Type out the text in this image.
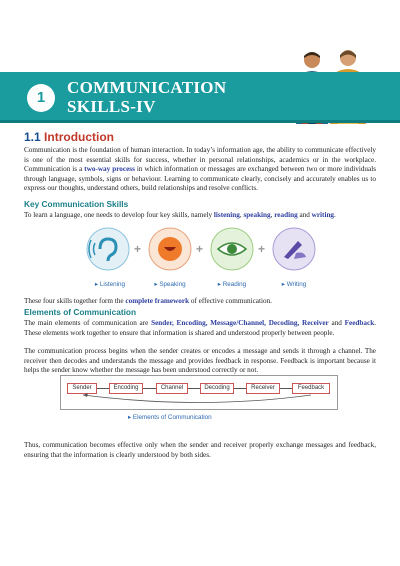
1
COMMUNICATION
SKILLS-IV
1.1 Introduction

Communication is the foundation of human interaction. In today’s information age, the ability to communicate effectively is one of the most essential skills for success, whether in personal relationships, academics or in the workplace. Communication is a two-way process in which information or messages are exchanged between two or more individuals through language, symbols, signs or behaviour. Learning to communicate clearly, concisely and accurately enables us to express our thoughts, understand others, build relationships and resolve conflicts.

Key Communication Skills

To learn a language, one needs to develop four key skills, namely listening, speaking, reading and writing.

+	+	+
▸ Listening	▸ Speaking	▸ Reading	▸ Writing

These four skills together form the complete framework of effective communication.

Elements of Communication

The main elements of communication are Sender, Encoding, Message/Channel, Decoding, Receiver and Feedback. These elements work together to ensure that information is shared and understood properly between people.

The communication process begins when the sender creates or encodes a message and sends it through a channel. The receiver then decodes and understands the message and provides feedback in response. Feedback is important because it helps the sender know whether the message has been understood correctly or not.

Sender	Encoding	Channel	Decoding	Receiver	Feedback
▸ Elements of Communication

Thus, communication becomes effective only when the sender and receiver properly exchange messages and feedback, ensuring that the information is clearly understood by both sides.
